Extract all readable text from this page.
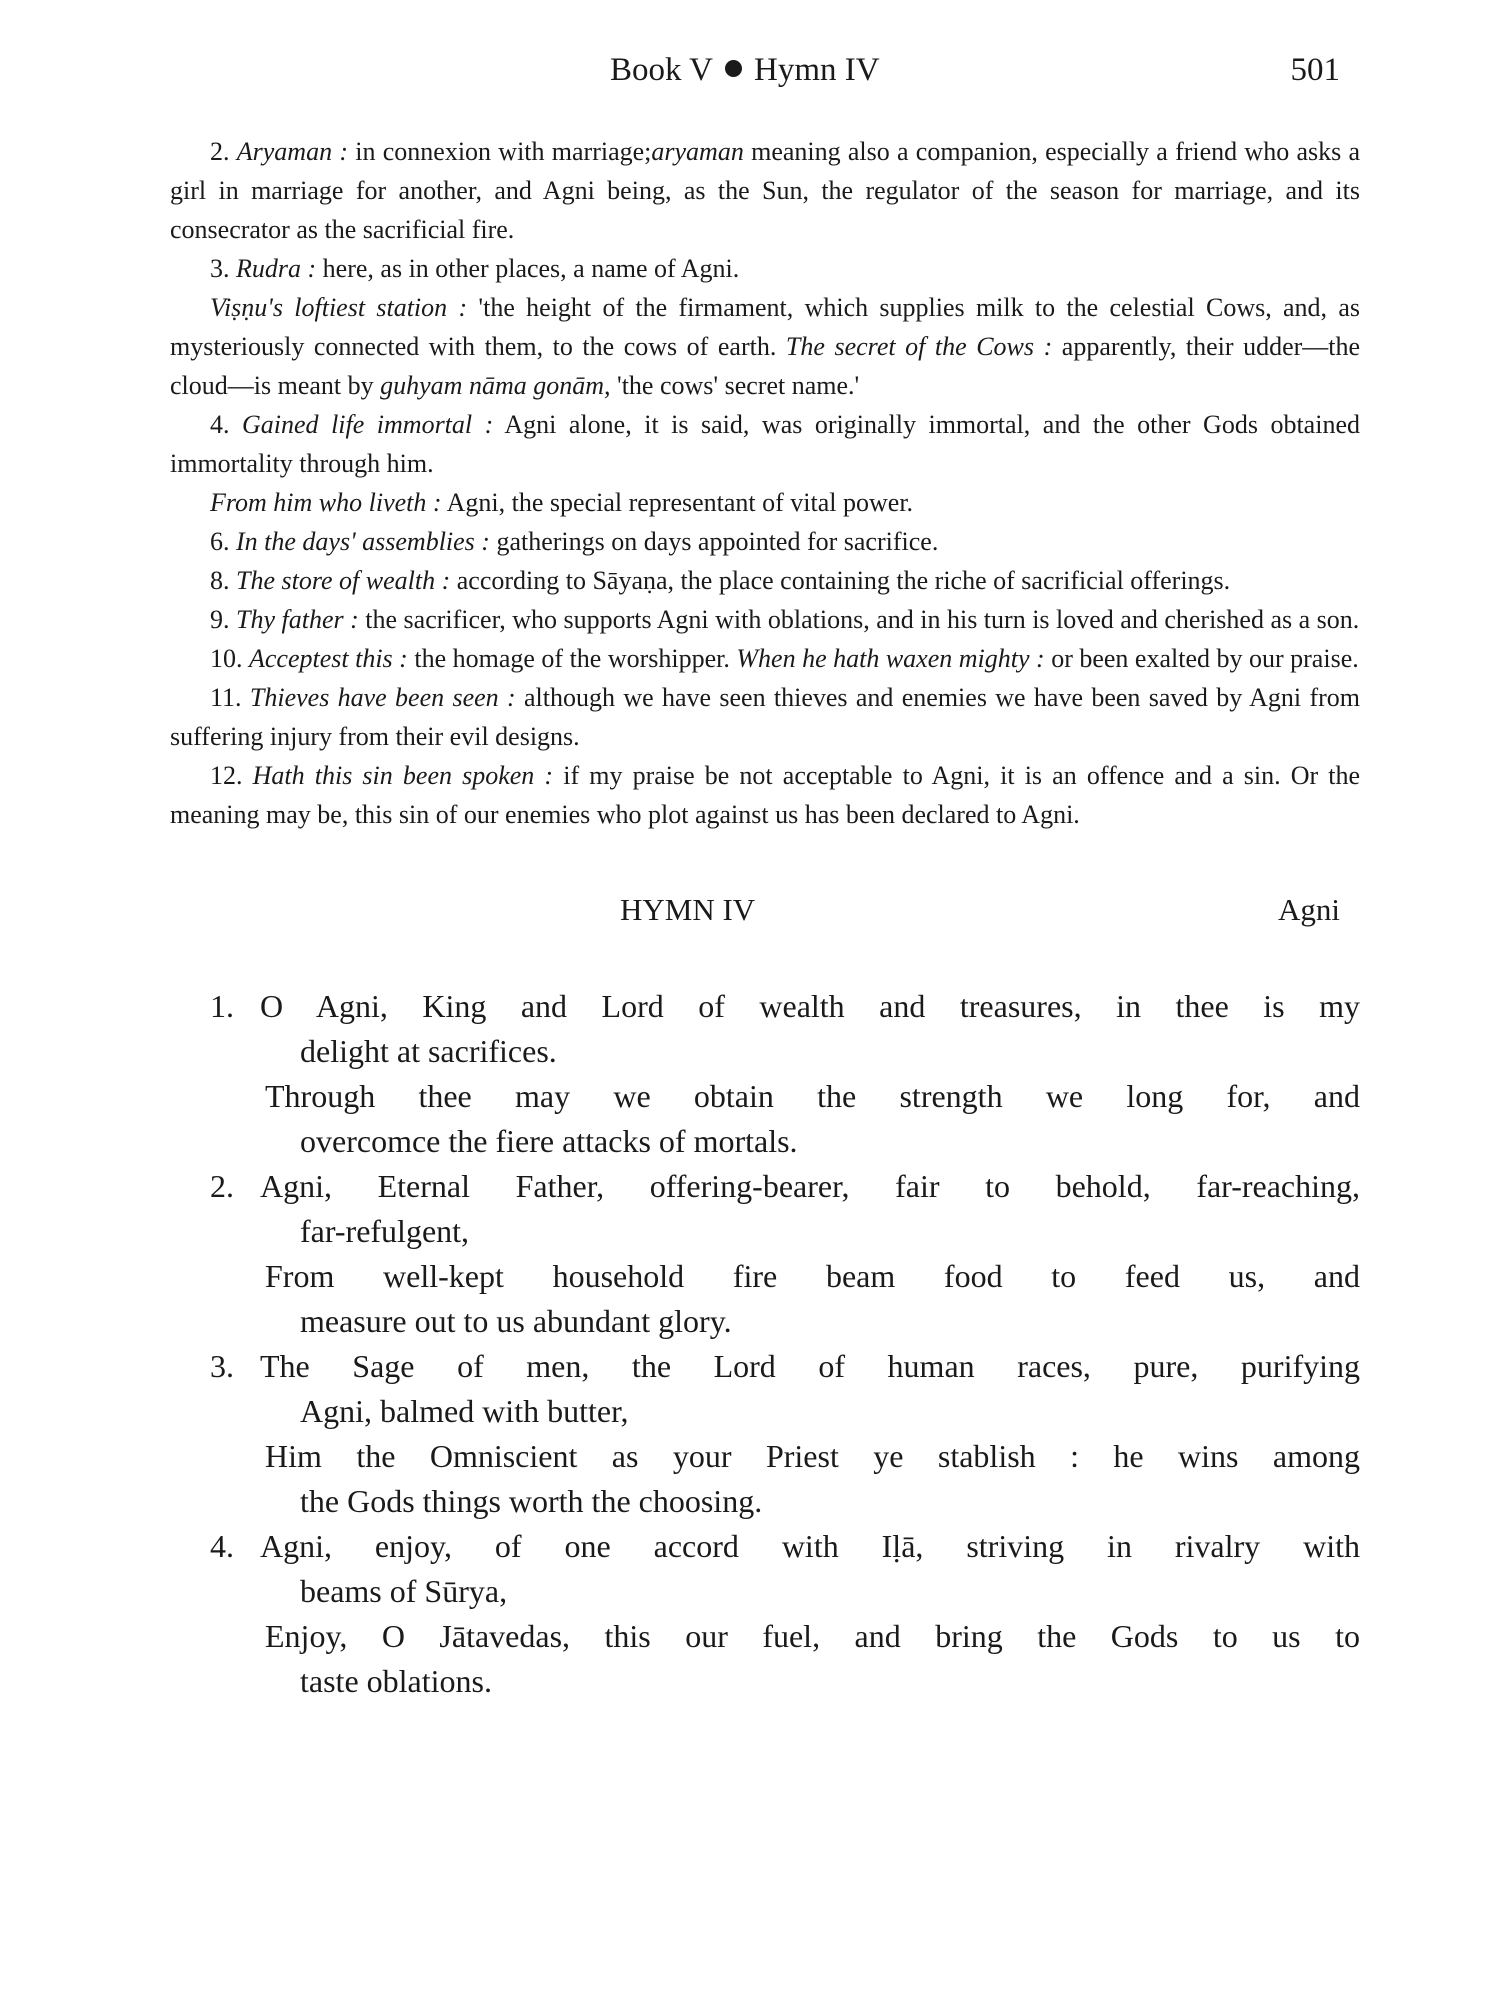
Book V Hymn IV	501

2. Aryaman : in connexion with marriage;aryaman meaning also a companion, especially a friend who asks a girl in marriage for another, and Agni being, as the Sun, the regulator of the season for marriage, and its consecrator as the sacrificial fire.

3. Rudra : here, as in other places, a name of Agni.

Viṣṇu's loftiest station : 'the height of the firmament, which supplies milk to the celestial Cows, and, as mysteriously connected with them, to the cows of earth. The secret of the Cows : apparently, their udder—the cloud—is meant by guhyam nāma gonām, 'the cows' secret name.'

4. Gained life immortal : Agni alone, it is said, was originally immortal, and the other Gods obtained immortality through him.

From him who liveth : Agni, the special representant of vital power.

6. In the days' assemblies : gatherings on days appointed for sacrifice.

8. The store of wealth : according to Sāyaṇa, the place containing the riche of sacrificial offerings.

9. Thy father : the sacrificer, who supports Agni with oblations, and in his turn is loved and cherished as a son.

10. Acceptest this : the homage of the worshipper. When he hath waxen mighty : or been exalted by our praise.

11. Thieves have been seen : although we have seen thieves and enemies we have been saved by Agni from suffering injury from their evil designs.

12. Hath this sin been spoken : if my praise be not acceptable to Agni, it is an offence and a sin. Or the meaning may be, this sin of our enemies who plot against us has been declared to Agni.

HYMN IV	Agni
1. O Agni, King and Lord of wealth and treasures, in thee is my
delight at sacrifices.
Through thee may we obtain the strength we long for, and
overcomce the fiere attacks of mortals.
2. Agni, Eternal Father, offering-bearer, fair to behold, far-reaching,
far-refulgent,
From well-kept household fire beam food to feed us, and
measure out to us abundant glory.
3. The Sage of men, the Lord of human races, pure, purifying
Agni, balmed with butter,
Him the Omniscient as your Priest ye stablish : he wins among
the Gods things worth the choosing.
4. Agni, enjoy, of one accord with Iḷā, striving in rivalry with
beams of Sūrya,
Enjoy, O Jātavedas, this our fuel, and bring the Gods to us to
taste oblations.
